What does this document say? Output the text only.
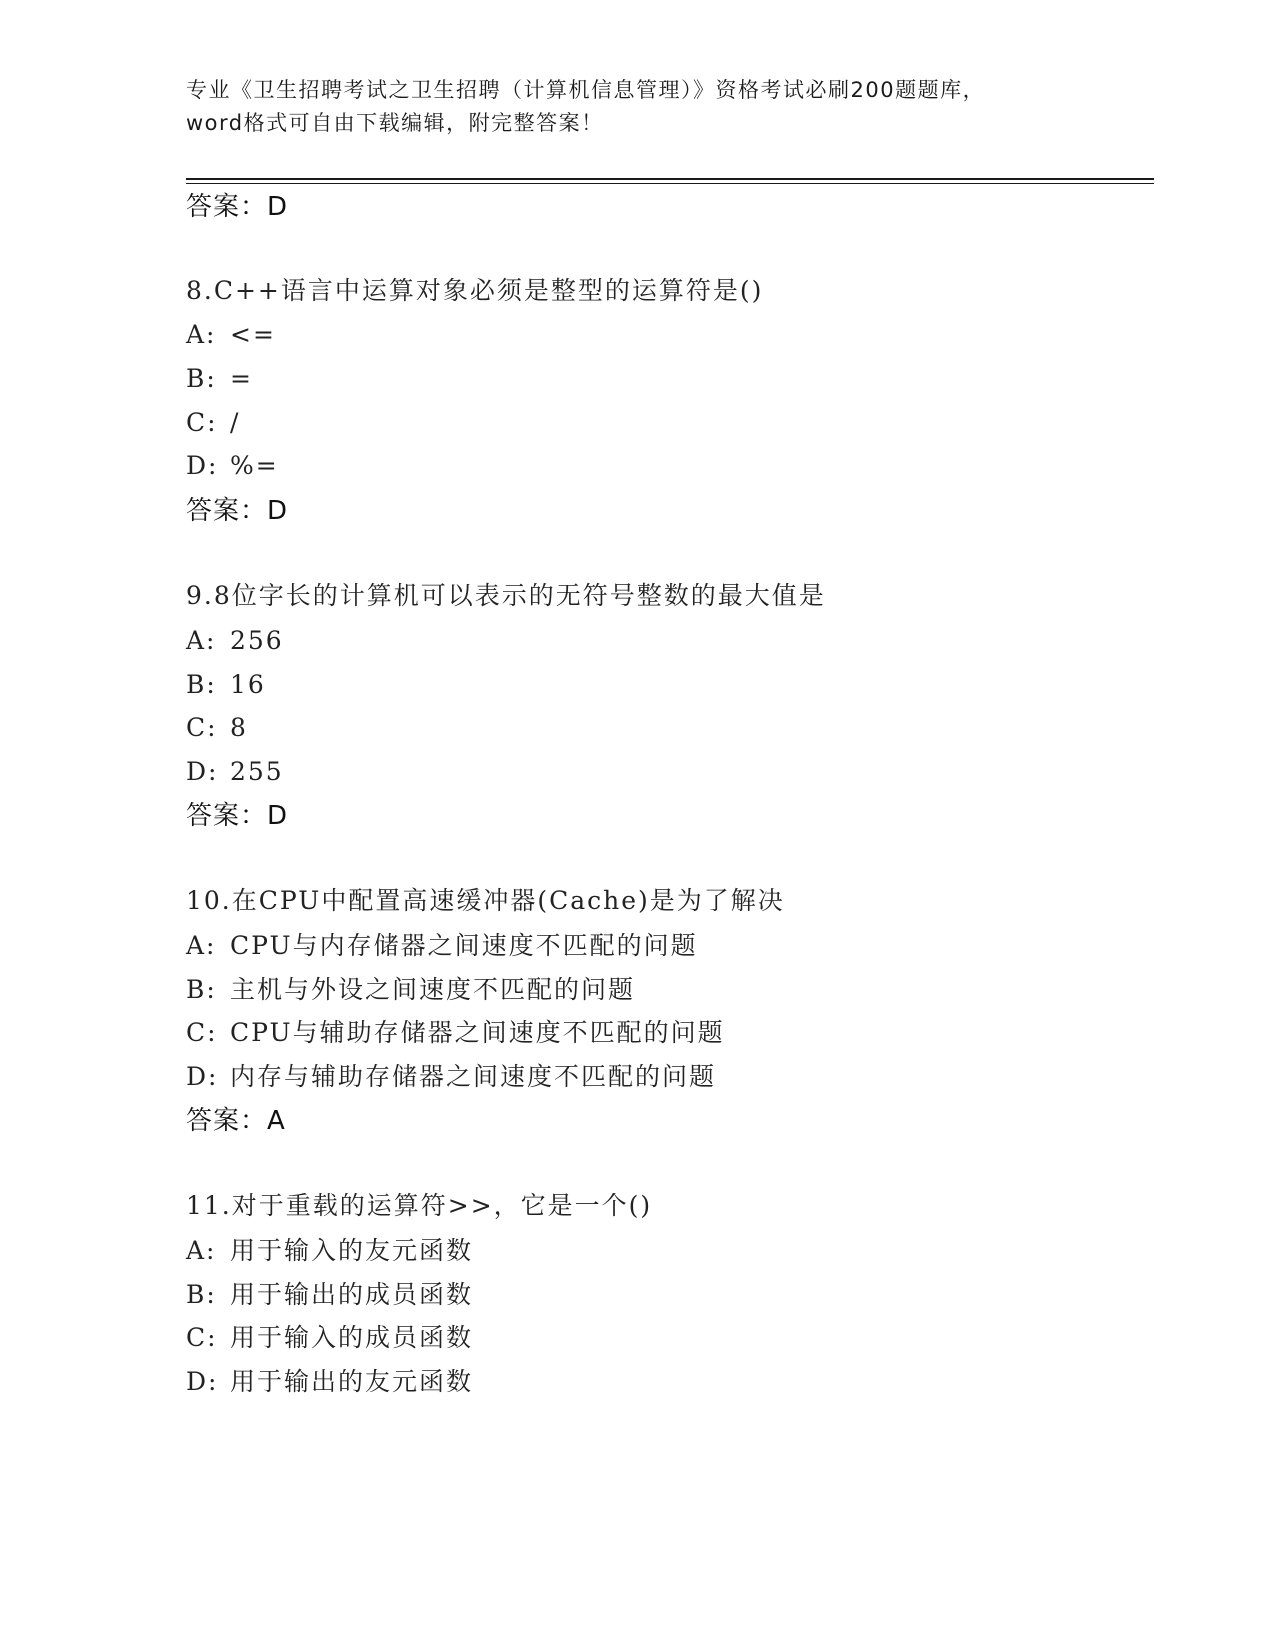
专业《卫生招聘考试之卫生招聘（计算机信息管理）》资格考试必刷200题题库，
word格式可自由下载编辑，附完整答案！
答案：D
8.C++语言中运算对象必须是整型的运算符是()
A: <=
B: =
C: /
D: %=
答案：D
9.8位字长的计算机可以表示的无符号整数的最大值是
A: 256
B: 16
C: 8
D: 255
答案：D
10.在CPU中配置高速缓冲器(Cache)是为了解决
A: CPU与内存储器之间速度不匹配的问题
B: 主机与外设之间速度不匹配的问题
C: CPU与辅助存储器之间速度不匹配的问题
D: 内存与辅助存储器之间速度不匹配的问题
答案：A
11.对于重载的运算符>>，它是一个()
A: 用于输入的友元函数
B: 用于输出的成员函数
C: 用于输入的成员函数
D: 用于输出的友元函数
